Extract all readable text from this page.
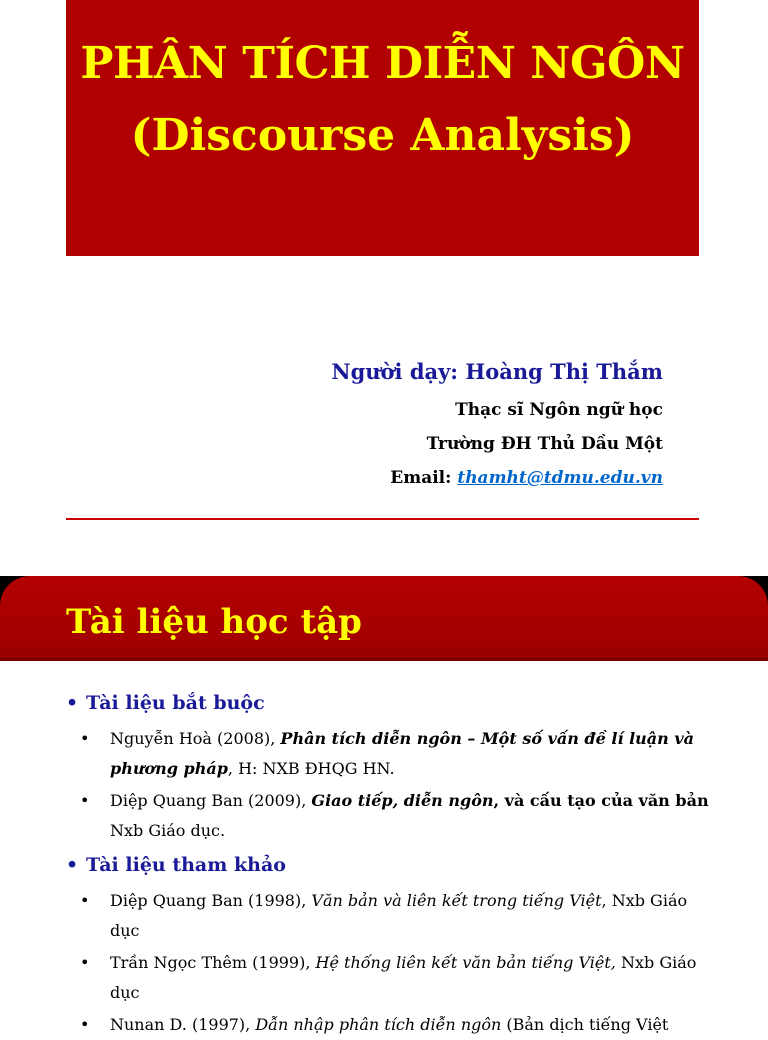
PHÂN TÍCH DIỄN NGÔN
(Discourse Analysis)
Người dạy: Hoàng Thị Thắm
Thạc sĩ Ngôn ngữ học
Trường ĐH Thủ Dầu Một
Email: thamht@tdmu.edu.vn
Tài liệu học tập
• Tài liệu bắt buộc
• Nguyễn Hoà (2008), Phân tích diễn ngôn – Một số vấn đề lí luận và phương pháp, H: NXB ĐHQG HN.
• Diệp Quang Ban (2009), Giao tiếp, diễn ngôn, và cấu tạo của văn bản Nxb Giáo dục.
• Tài liệu tham khảo
• Diệp Quang Ban (1998), Văn bản và liên kết trong tiếng Việt, Nxb Giáo dục
• Trần Ngọc Thêm (1999), Hệ thống liên kết văn bản tiếng Việt, Nxb Giáo dục
• Nunan D. (1997), Dẫn nhập phân tích diễn ngôn (Bản dịch tiếng Việt
